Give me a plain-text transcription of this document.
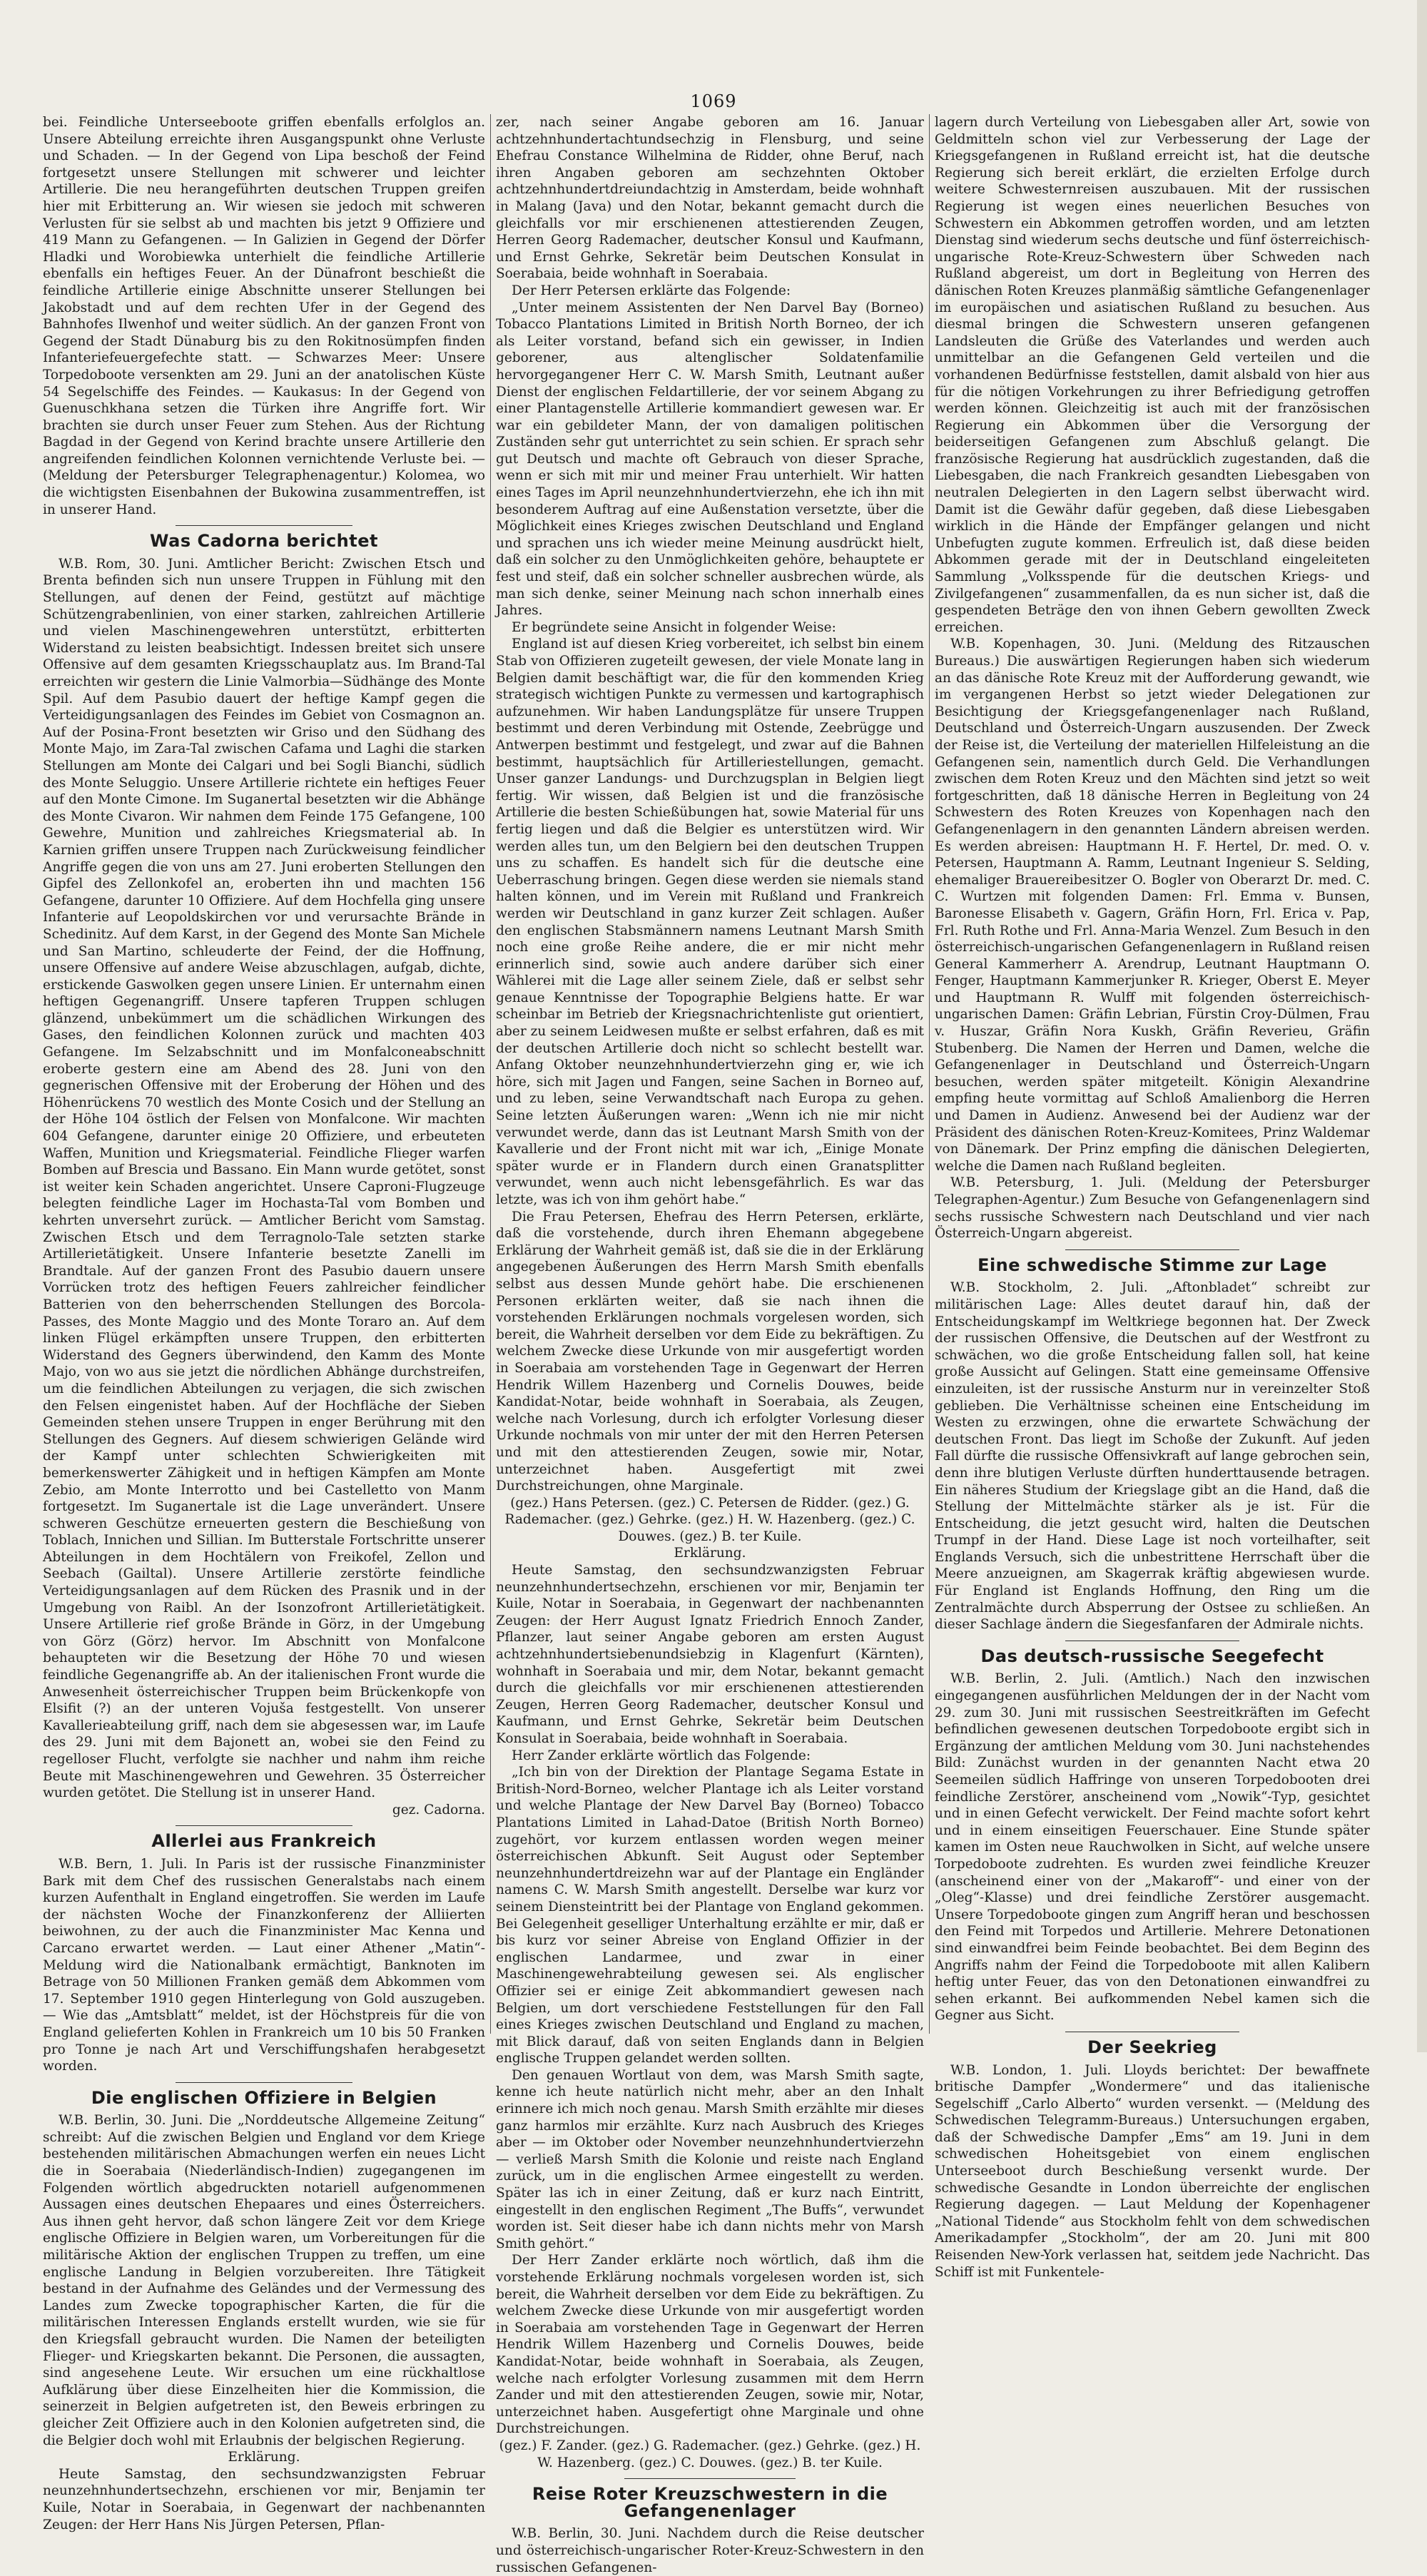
1069

bei. Feindliche Unterseeboote griffen ebenfalls erfolglos an. Unsere Abteilung erreichte ihren Ausgangspunkt ohne Verluste und Schaden. — In der Gegend von Lipa beschoß der Feind fortgesetzt unsere Stellungen mit schwerer und leichter Artillerie. Die neu herangeführten deutschen Truppen greifen hier mit Erbitterung an. Wir wiesen sie jedoch mit schweren Verlusten für sie selbst ab und machten bis jetzt 9 Offiziere und 419 Mann zu Gefangenen. — In Galizien in Gegend der Dörfer Hladki und Worobiewka unterhielt die feindliche Artillerie ebenfalls ein heftiges Feuer. An der Dünafront beschießt die feindliche Artillerie einige Abschnitte unserer Stellungen bei Jakobstadt und auf dem rechten Ufer in der Gegend des Bahnhofes Ilwenhof und weiter südlich. An der ganzen Front von Gegend der Stadt Dünaburg bis zu den Rokitnosümpfen finden Infanteriefeuergefechte statt. — Schwarzes Meer: Unsere Torpedoboote versenkten am 29. Juni an der anatolischen Küste 54 Segelschiffe des Feindes. — Kaukasus: In der Gegend von Guenuschkhana setzen die Türken ihre Angriffe fort. Wir brachten sie durch unser Feuer zum Stehen. Aus der Richtung Bagdad in der Gegend von Kerind brachte unsere Artillerie den angreifenden feindlichen Kolonnen vernichtende Verluste bei. — (Meldung der Petersburger Telegraphenagentur.) Kolomea, wo die wichtigsten Eisenbahnen der Bukowina zusammentreffen, ist in unserer Hand.

Was Cadorna berichtet

W.B. Rom, 30. Juni. Amtlicher Bericht: Zwischen Etsch und Brenta befinden sich nun unsere Truppen in Fühlung mit den Stellungen, auf denen der Feind, gestützt auf mächtige Schützengrabenlinien, von einer starken, zahlreichen Artillerie und vielen Maschinengewehren unterstützt, erbitterten Widerstand zu leisten beabsichtigt. Indessen breitet sich unsere Offensive auf dem gesamten Kriegsschauplatz aus. Im Brand-Tal erreichten wir gestern die Linie Valmorbia—Südhänge des Monte Spil. Auf dem Pasubio dauert der heftige Kampf gegen die Verteidigungsanlagen des Feindes im Gebiet von Cosmagnon an. Auf der Posina-Front besetzten wir Griso und den Südhang des Monte Majo, im Zara-Tal zwischen Cafama und Laghi die starken Stellungen am Monte dei Calgari und bei Sogli Bianchi, südlich des Monte Seluggio. Unsere Artillerie richtete ein heftiges Feuer auf den Monte Cimone. Im Suganertal besetzten wir die Abhänge des Monte Civaron. Wir nahmen dem Feinde 175 Gefangene, 100 Gewehre, Munition und zahlreiches Kriegsmaterial ab. In Karnien griffen unsere Truppen nach Zurückweisung feindlicher Angriffe gegen die von uns am 27. Juni eroberten Stellungen den Gipfel des Zellonkofel an, eroberten ihn und machten 156 Gefangene, darunter 10 Offiziere. Auf dem Hochfella ging unsere Infanterie auf Leopoldskirchen vor und verursachte Brände in Schedinitz. Auf dem Karst, in der Gegend des Monte San Michele und San Martino, schleuderte der Feind, der die Hoffnung, unsere Offensive auf andere Weise abzuschlagen, aufgab, dichte, erstickende Gaswolken gegen unsere Linien. Er unternahm einen heftigen Gegenangriff. Unsere tapferen Truppen schlugen glänzend, unbekümmert um die schädlichen Wirkungen des Gases, den feindlichen Kolonnen zurück und machten 403 Gefangene. Im Selzabschnitt und im Monfalconeabschnitt eroberte gestern eine am Abend des 28. Juni von den gegnerischen Offensive mit der Eroberung der Höhen und des Höhenrückens 70 westlich des Monte Cosich und der Stellung an der Höhe 104 östlich der Felsen von Monfalcone. Wir machten 604 Gefangene, darunter einige 20 Offiziere, und erbeuteten Waffen, Munition und Kriegsmaterial. Feindliche Flieger warfen Bomben auf Brescia und Bassano. Ein Mann wurde getötet, sonst ist weiter kein Schaden angerichtet. Unsere Caproni-Flugzeuge belegten feindliche Lager im Hochasta-Tal vom Bomben und kehrten unversehrt zurück. — Amtlicher Bericht vom Samstag. Zwischen Etsch und dem Terragnolo-Tale setzten starke Artillerietätigkeit. Unsere Infanterie besetzte Zanelli im Brandtale. Auf der ganzen Front des Pasubio dauern unsere Vorrücken trotz des heftigen Feuers zahlreicher feindlicher Batterien von den beherrschenden Stellungen des Borcola-Passes, des Monte Maggio und des Monte Toraro an. Auf dem linken Flügel erkämpften unsere Truppen, den erbitterten Widerstand des Gegners überwindend, den Kamm des Monte Majo, von wo aus sie jetzt die nördlichen Abhänge durchstreifen, um die feindlichen Abteilungen zu verjagen, die sich zwischen den Felsen eingenistet haben. Auf der Hochfläche der Sieben Gemeinden stehen unsere Truppen in enger Berührung mit den Stellungen des Gegners. Auf diesem schwierigen Gelände wird der Kampf unter schlechten Schwierigkeiten mit bemerkenswerter Zähigkeit und in heftigen Kämpfen am Monte Zebio, am Monte Interrotto und bei Castelletto von Manm fortgesetzt. Im Suganertale ist die Lage unverändert. Unsere schweren Geschütze erneuerten gestern die Beschießung von Toblach, Innichen und Sillian. Im Butterstale Fortschritte unserer Abteilungen in dem Hochtälern von Freikofel, Zellon und Seebach (Gailtal). Unsere Artillerie zerstörte feindliche Verteidigungsanlagen auf dem Rücken des Prasnik und in der Umgebung von Raibl. An der Isonzofront Artillerietätigkeit. Unsere Artillerie rief große Brände in Görz, in der Umgebung von Görz (Görz) hervor. Im Abschnitt von Monfalcone behaupteten wir die Besetzung der Höhe 70 und wiesen feindliche Gegenangriffe ab. An der italienischen Front wurde die Anwesenheit österreichischer Truppen beim Brückenkopfe von Elsifit (?) an der unteren Vojuša festgestellt. Von unserer Kavallerieabteilung griff, nach dem sie abgesessen war, im Laufe des 29. Juni mit dem Bajonett an, wobei sie den Feind zu regelloser Flucht, verfolgte sie nachher und nahm ihm reiche Beute mit Maschinengewehren und Gewehren. 35 Österreicher wurden getötet. Die Stellung ist in unserer Hand.

gez. Cadorna.

Allerlei aus Frankreich

W.B. Bern, 1. Juli. In Paris ist der russische Finanzminister Bark mit dem Chef des russischen Generalstabs nach einem kurzen Aufenthalt in England eingetroffen. Sie werden im Laufe der nächsten Woche der Finanzkonferenz der Alliierten beiwohnen, zu der auch die Finanzminister Mac Kenna und Carcano erwartet werden. — Laut einer Athener „Matin“-Meldung wird die Nationalbank ermächtigt, Banknoten im Betrage von 50 Millionen Franken gemäß dem Abkommen vom 17. September 1910 gegen Hinterlegung von Gold auszugeben. — Wie das „Amtsblatt“ meldet, ist der Höchstpreis für die von England gelieferten Kohlen in Frankreich um 10 bis 50 Franken pro Tonne je nach Art und Verschiffungshafen herabgesetzt worden.

Die englischen Offiziere in Belgien

W.B. Berlin, 30. Juni. Die „Norddeutsche Allgemeine Zeitung“ schreibt: Auf die zwischen Belgien und England vor dem Kriege bestehenden militärischen Abmachungen werfen ein neues Licht die in Soerabaia (Niederländisch-Indien) zugegangenen im Folgenden wörtlich abgedruckten notariell aufgenommenen Aussagen eines deutschen Ehepaares und eines Österreichers. Aus ihnen geht hervor, daß schon längere Zeit vor dem Kriege englische Offiziere in Belgien waren, um Vorbereitungen für die militärische Aktion der englischen Truppen zu treffen, um eine englische Landung in Belgien vorzubereiten. Ihre Tätigkeit bestand in der Aufnahme des Geländes und der Vermessung des Landes zum Zwecke topographischer Karten, die für die militärischen Interessen Englands erstellt wurden, wie sie für den Kriegsfall gebraucht wurden. Die Namen der beteiligten Flieger- und Kriegskarten bekannt. Die Personen, die aussagten, sind angesehene Leute. Wir ersuchen um eine rückhaltlose Aufklärung über diese Einzelheiten hier die Kommission, die seinerzeit in Belgien aufgetreten ist, den Beweis erbringen zu gleicher Zeit Offiziere auch in den Kolonien aufgetreten sind, die die Belgier doch wohl mit Erlaubnis der belgischen Regierung.

Erklärung.

Heute Samstag, den sechsundzwanzigsten Februar neunzehnhundertsechzehn, erschienen vor mir, Benjamin ter Kuile, Notar in Soerabaia, in Gegenwart der nachbenannten Zeugen: der Herr Hans Nis Jürgen Petersen, Pflan-

zer, nach seiner Angabe geboren am 16. Januar achtzehnhundertachtundsechzig in Flensburg, und seine Ehefrau Constance Wilhelmina de Ridder, ohne Beruf, nach ihren Angaben geboren am sechzehnten Oktober achtzehnhundertdreiundachtzig in Amsterdam, beide wohnhaft in Malang (Java) und den Notar, bekannt gemacht durch die gleichfalls vor mir erschienenen attestierenden Zeugen, Herren Georg Rademacher, deutscher Konsul und Kaufmann, und Ernst Gehrke, Sekretär beim Deutschen Konsulat in Soerabaia, beide wohnhaft in Soerabaia.

Der Herr Petersen erklärte das Folgende:

„Unter meinem Assistenten der Nen Darvel Bay (Borneo) Tobacco Plantations Limited in British North Borneo, der ich als Leiter vorstand, befand sich ein gewisser, in Indien geborener, aus altenglischer Soldatenfamilie hervorgegangener Herr C. W. Marsh Smith, Leutnant außer Dienst der englischen Feldartillerie, der vor seinem Abgang zu einer Plantagenstelle Artillerie kommandiert gewesen war. Er war ein gebildeter Mann, der von damaligen politischen Zuständen sehr gut unterrichtet zu sein schien. Er sprach sehr gut Deutsch und machte oft Gebrauch von dieser Sprache, wenn er sich mit mir und meiner Frau unterhielt. Wir hatten eines Tages im April neunzehnhundertvierzehn, ehe ich ihn mit besonderem Auftrag auf eine Außenstation versetzte, über die Möglichkeit eines Krieges zwischen Deutschland und England und sprachen uns ich wieder meine Meinung ausdrückt hielt, daß ein solcher zu den Unmöglichkeiten gehöre, behauptete er fest und steif, daß ein solcher schneller ausbrechen würde, als man sich denke, seiner Meinung nach schon innerhalb eines Jahres.

Er begründete seine Ansicht in folgender Weise:

England ist auf diesen Krieg vorbereitet, ich selbst bin einem Stab von Offizieren zugeteilt gewesen, der viele Monate lang in Belgien damit beschäftigt war, die für den kommenden Krieg strategisch wichtigen Punkte zu vermessen und kartographisch aufzunehmen. Wir haben Landungsplätze für unsere Truppen bestimmt und deren Verbindung mit Ostende, Zeebrügge und Antwerpen bestimmt und festgelegt, und zwar auf die Bahnen bestimmt, hauptsächlich für Artilleriestellungen, gemacht. Unser ganzer Landungs- und Durchzugsplan in Belgien liegt fertig. Wir wissen, daß Belgien ist und die französische Artillerie die besten Schießübungen hat, sowie Material für uns fertig liegen und daß die Belgier es unterstützen wird. Wir werden alles tun, um den Belgiern bei den deutschen Truppen uns zu schaffen. Es handelt sich für die deutsche eine Ueberraschung bringen. Gegen diese werden sie niemals stand halten können, und im Verein mit Rußland und Frankreich werden wir Deutschland in ganz kurzer Zeit schlagen. Außer den englischen Stabsmännern namens Leutnant Marsh Smith noch eine große Reihe andere, die er mir nicht mehr erinnerlich sind, sowie auch andere darüber sich einer Wählerei mit die Lage aller seinem Ziele, daß er selbst sehr genaue Kenntnisse der Topographie Belgiens hatte. Er war scheinbar im Betrieb der Kriegsnachrichtenliste gut orientiert, aber zu seinem Leidwesen mußte er selbst erfahren, daß es mit der deutschen Artillerie doch nicht so schlecht bestellt war. Anfang Oktober neunzehnhundertvierzehn ging er, wie ich höre, sich mit Jagen und Fangen, seine Sachen in Borneo auf, und zu leben, seine Verwandtschaft nach Europa zu gehen. Seine letzten Äußerungen waren: „Wenn ich nie mir nicht verwundet werde, dann das ist Leutnant Marsh Smith von der Kavallerie und der Front nicht mit war ich, „Einige Monate später wurde er in Flandern durch einen Granatsplitter verwundet, wenn auch nicht lebensgefährlich. Es war das letzte, was ich von ihm gehört habe.“

Die Frau Petersen, Ehefrau des Herrn Petersen, erklärte, daß die vorstehende, durch ihren Ehemann abgegebene Erklärung der Wahrheit gemäß ist, daß sie die in der Erklärung angegebenen Äußerungen des Herrn Marsh Smith ebenfalls selbst aus dessen Munde gehört habe. Die erschienenen Personen erklärten weiter, daß sie nach ihnen die vorstehenden Erklärungen nochmals vorgelesen worden, sich bereit, die Wahrheit derselben vor dem Eide zu bekräftigen. Zu welchem Zwecke diese Urkunde von mir ausgefertigt worden in Soerabaia am vorstehenden Tage in Gegenwart der Herren Hendrik Willem Hazenberg und Cornelis Douwes, beide Kandidat-Notar, beide wohnhaft in Soerabaia, als Zeugen, welche nach Vorlesung, durch ich erfolgter Vorlesung dieser Urkunde nochmals von mir unter der mit den Herren Petersen und mit den attestierenden Zeugen, sowie mir, Notar, unterzeichnet haben. Ausgefertigt mit zwei Durchstreichungen, ohne Marginale.

(gez.) Hans Petersen. (gez.) C. Petersen de Ridder. (gez.) G. Rademacher. (gez.) Gehrke. (gez.) H. W. Hazenberg. (gez.) C. Douwes. (gez.) B. ter Kuile.

Erklärung.

Heute Samstag, den sechsundzwanzigsten Februar neunzehnhundertsechzehn, erschienen vor mir, Benjamin ter Kuile, Notar in Soerabaia, in Gegenwart der nachbenannten Zeugen: der Herr August Ignatz Friedrich Ennoch Zander, Pflanzer, laut seiner Angabe geboren am ersten August achtzehnhundertsiebenundsiebzig in Klagenfurt (Kärnten), wohnhaft in Soerabaia und mir, dem Notar, bekannt gemacht durch die gleichfalls vor mir erschienenen attestierenden Zeugen, Herren Georg Rademacher, deutscher Konsul und Kaufmann, und Ernst Gehrke, Sekretär beim Deutschen Konsulat in Soerabaia, beide wohnhaft in Soerabaia.

Herr Zander erklärte wörtlich das Folgende:

„Ich bin von der Direktion der Plantage Segama Estate in British-Nord-Borneo, welcher Plantage ich als Leiter vorstand und welche Plantage der New Darvel Bay (Borneo) Tobacco Plantations Limited in Lahad-Datoe (British North Borneo) zugehört, vor kurzem entlassen worden wegen meiner österreichischen Abkunft. Seit August oder September neunzehnhundertdreizehn war auf der Plantage ein Engländer namens C. W. Marsh Smith angestellt. Derselbe war kurz vor seinem Diensteintritt bei der Plantage von England gekommen. Bei Gelegenheit geselliger Unterhaltung erzählte er mir, daß er bis kurz vor seiner Abreise von England Offizier in der englischen Landarmee, und zwar in einer Maschinengewehrabteilung gewesen sei. Als englischer Offizier sei er einige Zeit abkommandiert gewesen nach Belgien, um dort verschiedene Feststellungen für den Fall eines Krieges zwischen Deutschland und England zu machen, mit Blick darauf, daß von seiten Englands dann in Belgien englische Truppen gelandet werden sollten.

Den genauen Wortlaut von dem, was Marsh Smith sagte, kenne ich heute natürlich nicht mehr, aber an den Inhalt erinnere ich mich noch genau. Marsh Smith erzählte mir dieses ganz harmlos mir erzählte. Kurz nach Ausbruch des Krieges aber — im Oktober oder November neunzehnhundertvierzehn — verließ Marsh Smith die Kolonie und reiste nach England zurück, um in die englischen Armee eingestellt zu werden. Später las ich in einer Zeitung, daß er kurz nach Eintritt, eingestellt in den englischen Regiment „The Buffs“, verwundet worden ist. Seit dieser habe ich dann nichts mehr von Marsh Smith gehört.“

Der Herr Zander erklärte noch wörtlich, daß ihm die vorstehende Erklärung nochmals vorgelesen worden ist, sich bereit, die Wahrheit derselben vor dem Eide zu bekräftigen. Zu welchem Zwecke diese Urkunde von mir ausgefertigt worden in Soerabaia am vorstehenden Tage in Gegenwart der Herren Hendrik Willem Hazenberg und Cornelis Douwes, beide Kandidat-Notar, beide wohnhaft in Soerabaia, als Zeugen, welche nach erfolgter Vorlesung zusammen mit dem Herrn Zander und mit den attestierenden Zeugen, sowie mir, Notar, unterzeichnet haben. Ausgefertigt ohne Marginale und ohne Durchstreichungen.

(gez.) F. Zander. (gez.) G. Rademacher. (gez.) Gehrke. (gez.) H. W. Hazenberg. (gez.) C. Douwes. (gez.) B. ter Kuile.

Reise Roter Kreuzschwestern in die Gefangenenlager

W.B. Berlin, 30. Juni. Nachdem durch die Reise deutscher und österreichisch-ungarischer Roter-Kreuz-Schwestern in den russischen Gefangenen-

lagern durch Verteilung von Liebesgaben aller Art, sowie von Geldmitteln schon viel zur Verbesserung der Lage der Kriegsgefangenen in Rußland erreicht ist, hat die deutsche Regierung sich bereit erklärt, die erzielten Erfolge durch weitere Schwesternreisen auszubauen. Mit der russischen Regierung ist wegen eines neuerlichen Besuches von Schwestern ein Abkommen getroffen worden, und am letzten Dienstag sind wiederum sechs deutsche und fünf österreichisch-ungarische Rote-Kreuz-Schwestern über Schweden nach Rußland abgereist, um dort in Begleitung von Herren des dänischen Roten Kreuzes planmäßig sämtliche Gefangenenlager im europäischen und asiatischen Rußland zu besuchen. Aus diesmal bringen die Schwestern unseren gefangenen Landsleuten die Grüße des Vaterlandes und werden auch unmittelbar an die Gefangenen Geld verteilen und die vorhandenen Bedürfnisse feststellen, damit alsbald von hier aus für die nötigen Vorkehrungen zu ihrer Befriedigung getroffen werden können. Gleichzeitig ist auch mit der französischen Regierung ein Abkommen über die Versorgung der beiderseitigen Gefangenen zum Abschluß gelangt. Die französische Regierung hat ausdrücklich zugestanden, daß die Liebesgaben, die nach Frankreich gesandten Liebesgaben von neutralen Delegierten in den Lagern selbst überwacht wird. Damit ist die Gewähr dafür gegeben, daß diese Liebesgaben wirklich in die Hände der Empfänger gelangen und nicht Unbefugten zugute kommen. Erfreulich ist, daß diese beiden Abkommen gerade mit der in Deutschland eingeleiteten Sammlung „Volksspende für die deutschen Kriegs- und Zivilgefangenen“ zusammenfallen, da es nun sicher ist, daß die gespendeten Beträge den von ihnen Gebern gewollten Zweck erreichen.

W.B. Kopenhagen, 30. Juni. (Meldung des Ritzauschen Bureaus.) Die auswärtigen Regierungen haben sich wiederum an das dänische Rote Kreuz mit der Aufforderung gewandt, wie im vergangenen Herbst so jetzt wieder Delegationen zur Besichtigung der Kriegsgefangenenlager nach Rußland, Deutschland und Österreich-Ungarn auszusenden. Der Zweck der Reise ist, die Verteilung der materiellen Hilfeleistung an die Gefangenen sein, namentlich durch Geld. Die Verhandlungen zwischen dem Roten Kreuz und den Mächten sind jetzt so weit fortgeschritten, daß 18 dänische Herren in Begleitung von 24 Schwestern des Roten Kreuzes von Kopenhagen nach den Gefangenenlagern in den genannten Ländern abreisen werden. Es werden abreisen: Hauptmann H. F. Hertel, Dr. med. O. v. Petersen, Hauptmann A. Ramm, Leutnant Ingenieur S. Selding, ehemaliger Brauereibesitzer O. Bogler von Oberarzt Dr. med. C. C. Wurtzen mit folgenden Damen: Frl. Emma v. Bunsen, Baronesse Elisabeth v. Gagern, Gräfin Horn, Frl. Erica v. Pap, Frl. Ruth Rothe und Frl. Anna-Maria Wenzel. Zum Besuch in den österreichisch-ungarischen Gefangenenlagern in Rußland reisen General Kammerherr A. Arendrup, Leutnant Hauptmann O. Fenger, Hauptmann Kammerjunker R. Krieger, Oberst E. Meyer und Hauptmann R. Wulff mit folgenden österreichisch-ungarischen Damen: Gräfin Lebrian, Fürstin Croy-Dülmen, Frau v. Huszar, Gräfin Nora Kuskh, Gräfin Reverieu, Gräfin Stubenberg. Die Namen der Herren und Damen, welche die Gefangenenlager in Deutschland und Österreich-Ungarn besuchen, werden später mitgeteilt. Königin Alexandrine empfing heute vormittag auf Schloß Amalienborg die Herren und Damen in Audienz. Anwesend bei der Audienz war der Präsident des dänischen Roten-Kreuz-Komitees, Prinz Waldemar von Dänemark. Der Prinz empfing die dänischen Delegierten, welche die Damen nach Rußland begleiten.

W.B. Petersburg, 1. Juli. (Meldung der Petersburger Telegraphen-Agentur.) Zum Besuche von Gefangenenlagern sind sechs russische Schwestern nach Deutschland und vier nach Österreich-Ungarn abgereist.

Eine schwedische Stimme zur Lage

W.B. Stockholm, 2. Juli. „Aftonbladet“ schreibt zur militärischen Lage: Alles deutet darauf hin, daß der Entscheidungskampf im Weltkriege begonnen hat. Der Zweck der russischen Offensive, die Deutschen auf der Westfront zu schwächen, wo die große Entscheidung fallen soll, hat keine große Aussicht auf Gelingen. Statt eine gemeinsame Offensive einzuleiten, ist der russische Ansturm nur in vereinzelter Stoß geblieben. Die Verhältnisse scheinen eine Entscheidung im Westen zu erzwingen, ohne die erwartete Schwächung der deutschen Front. Das liegt im Schoße der Zukunft. Auf jeden Fall dürfte die russische Offensivkraft auf lange gebrochen sein, denn ihre blutigen Verluste dürften hunderttausende betragen. Ein näheres Studium der Kriegslage gibt an die Hand, daß die Stellung der Mittelmächte stärker als je ist. Für die Entscheidung, die jetzt gesucht wird, halten die Deutschen Trumpf in der Hand. Diese Lage ist noch vorteilhafter, seit Englands Versuch, sich die unbestrittene Herrschaft über die Meere anzueignen, am Skagerrak kräftig abgewiesen wurde. Für England ist Englands Hoffnung, den Ring um die Zentralmächte durch Absperrung der Ostsee zu schließen. An dieser Sachlage ändern die Siegesfanfaren der Admirale nichts.

Das deutsch-russische Seegefecht

W.B. Berlin, 2. Juli. (Amtlich.) Nach den inzwischen eingegangenen ausführlichen Meldungen der in der Nacht vom 29. zum 30. Juni mit russischen Seestreitkräften im Gefecht befindlichen gewesenen deutschen Torpedoboote ergibt sich in Ergänzung der amtlichen Meldung vom 30. Juni nachstehendes Bild: Zunächst wurden in der genannten Nacht etwa 20 Seemeilen südlich Haffringe von unseren Torpedobooten drei feindliche Zerstörer, anscheinend vom „Nowik“-Typ, gesichtet und in einen Gefecht verwickelt. Der Feind machte sofort kehrt und in einem einseitigen Feuerschauer. Eine Stunde später kamen im Osten neue Rauchwolken in Sicht, auf welche unsere Torpedoboote zudrehten. Es wurden zwei feindliche Kreuzer (anscheinend einer von der „Makaroff“- und einer von der „Oleg“-Klasse) und drei feindliche Zerstörer ausgemacht. Unsere Torpedoboote gingen zum Angriff heran und beschossen den Feind mit Torpedos und Artillerie. Mehrere Detonationen sind einwandfrei beim Feinde beobachtet. Bei dem Beginn des Angriffs nahm der Feind die Torpedoboote mit allen Kalibern heftig unter Feuer, das von den Detonationen einwandfrei zu sehen erkannt. Bei aufkommenden Nebel kamen sich die Gegner aus Sicht.

Der Seekrieg

W.B. London, 1. Juli. Lloyds berichtet: Der bewaffnete britische Dampfer „Wondermere“ und das italienische Segelschiff „Carlo Alberto“ wurden versenkt. — (Meldung des Schwedischen Telegramm-Bureaus.) Untersuchungen ergaben, daß der Schwedische Dampfer „Ems“ am 19. Juni in dem schwedischen Hoheitsgebiet von einem englischen Unterseeboot durch Beschießung versenkt wurde. Der schwedische Gesandte in London überreichte der englischen Regierung dagegen. — Laut Meldung der Kopenhagener „National Tidende“ aus Stockholm fehlt von dem schwedischen Amerikadampfer „Stockholm“, der am 20. Juni mit 800 Reisenden New-York verlassen hat, seitdem jede Nachricht. Das Schiff ist mit Funkentele-
